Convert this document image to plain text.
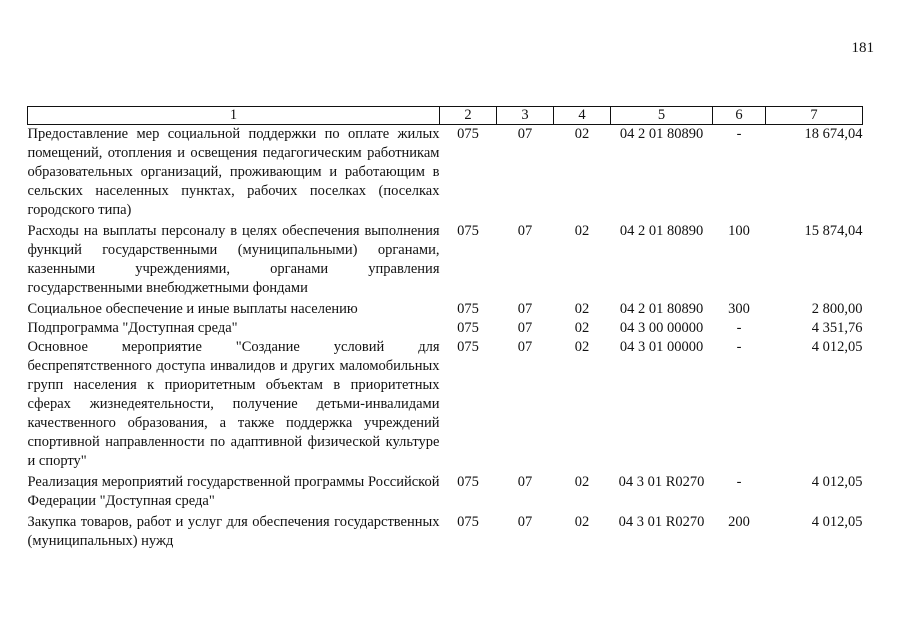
181
1	2	3	4	5	6	7
Предоставление мер социальной поддержки по оплате жилых помещений, отопления и освещения педагогическим работникам образовательных организаций, проживающим и работающим в сельских населенных пунктах, рабочих поселках (поселках городского типа)	075	07	02	04 2 01 80890	-	18 674,04
Расходы на выплаты персоналу в целях обеспечения выполнения функций государственными (муниципальными) органами, казенными учреждениями, органами управления государственными внебюджетными фондами	075	07	02	04 2 01 80890	100	15 874,04
Социальное обеспечение и иные выплаты населению	075	07	02	04 2 01 80890	300	2 800,00
Подпрограмма "Доступная среда"	075	07	02	04 3 00 00000	-	4 351,76
Основное мероприятие "Создание условий для беспрепятственного доступа инвалидов и других маломобильных групп населения к приоритетным объектам в приоритетных сферах жизнедеятельности, получение детьми-инвалидами качественного образования, а также поддержка учреждений спортивной направленности по адаптивной физической культуре и спорту"	075	07	02	04 3 01 00000	-	4 012,05
Реализация мероприятий государственной программы Российской Федерации "Доступная среда"	075	07	02	04 3 01 R0270	-	4 012,05
Закупка товаров, работ и услуг для обеспечения государственных (муниципальных) нужд	075	07	02	04 3 01 R0270	200	4 012,05
